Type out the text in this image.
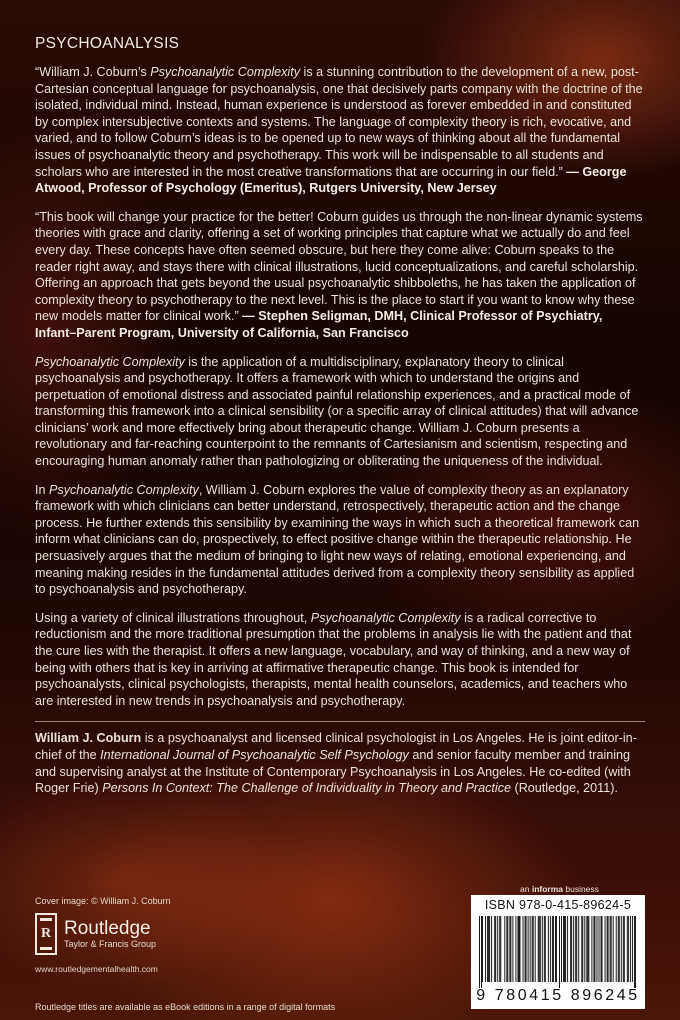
PSYCHOANALYSIS

“William J. Coburn’s Psychoanalytic Complexity is a stunning contribution to the development of a new, post-Cartesian conceptual language for psychoanalysis, one that decisively parts company with the doctrine of the isolated, individual mind. Instead, human experience is understood as forever embedded in and constituted by complex intersubjective contexts and systems. The language of complexity theory is rich, evocative, and varied, and to follow Coburn’s ideas is to be opened up to new ways of thinking about all the fundamental issues of psychoanalytic theory and psychotherapy. This work will be indispensable to all students and scholars who are interested in the most creative transformations that are occurring in our field.” — George Atwood, Professor of Psychology (Emeritus), Rutgers University, New Jersey

“This book will change your practice for the better! Coburn guides us through the non-linear dynamic systems theories with grace and clarity, offering a set of working principles that capture what we actually do and feel every day. These concepts have often seemed obscure, but here they come alive: Coburn speaks to the reader right away, and stays there with clinical illustrations, lucid conceptualizations, and careful scholarship. Offering an approach that gets beyond the usual psychoanalytic shibboleths, he has taken the application of complexity theory to psychotherapy to the next level. This is the place to start if you want to know why these new models matter for clinical work.” — Stephen Seligman, DMH, Clinical Professor of Psychiatry, Infant–Parent Program, University of California, San Francisco

Psychoanalytic Complexity is the application of a multidisciplinary, explanatory theory to clinical psychoanalysis and psychotherapy. It offers a framework with which to understand the origins and perpetuation of emotional distress and associated painful relationship experiences, and a practical mode of transforming this framework into a clinical sensibility (or a specific array of clinical attitudes) that will advance clinicians’ work and more effectively bring about therapeutic change. William J. Coburn presents a revolutionary and far-reaching counterpoint to the remnants of Cartesianism and scientism, respecting and encouraging human anomaly rather than pathologizing or obliterating the uniqueness of the individual.

In Psychoanalytic Complexity, William J. Coburn explores the value of complexity theory as an explanatory framework with which clinicians can better understand, retrospectively, therapeutic action and the change process. He further extends this sensibility by examining the ways in which such a theoretical framework can inform what clinicians can do, prospectively, to effect positive change within the therapeutic relationship. He persuasively argues that the medium of bringing to light new ways of relating, emotional experiencing, and meaning making resides in the fundamental attitudes derived from a complexity theory sensibility as applied to psychoanalysis and psychotherapy.

Using a variety of clinical illustrations throughout, Psychoanalytic Complexity is a radical corrective to reductionism and the more traditional presumption that the problems in analysis lie with the patient and that the cure lies with the therapist. It offers a new language, vocabulary, and way of thinking, and a new way of being with others that is key in arriving at affirmative therapeutic change. This book is intended for psychoanalysts, clinical psychologists, therapists, mental health counselors, academics, and teachers who are interested in new trends in psychoanalysis and psychotherapy.

William J. Coburn is a psychoanalyst and licensed clinical psychologist in Los Angeles. He is joint editor-in-chief of the International Journal of Psychoanalytic Self Psychology and senior faculty member and training and supervising analyst at the Institute of Contemporary Psychoanalysis in Los Angeles. He co-edited (with Roger Frie) Persons In Context: The Challenge of Individuality in Theory and Practice (Routledge, 2011).

Cover image: © William J. Coburn
R Routledge
Taylor & Francis Group
www.routledgementalhealth.com
Routledge titles are available as eBook editions in a range of digital formats
an informa business
ISBN 978-0-415-89624-5
9 780415 896245
